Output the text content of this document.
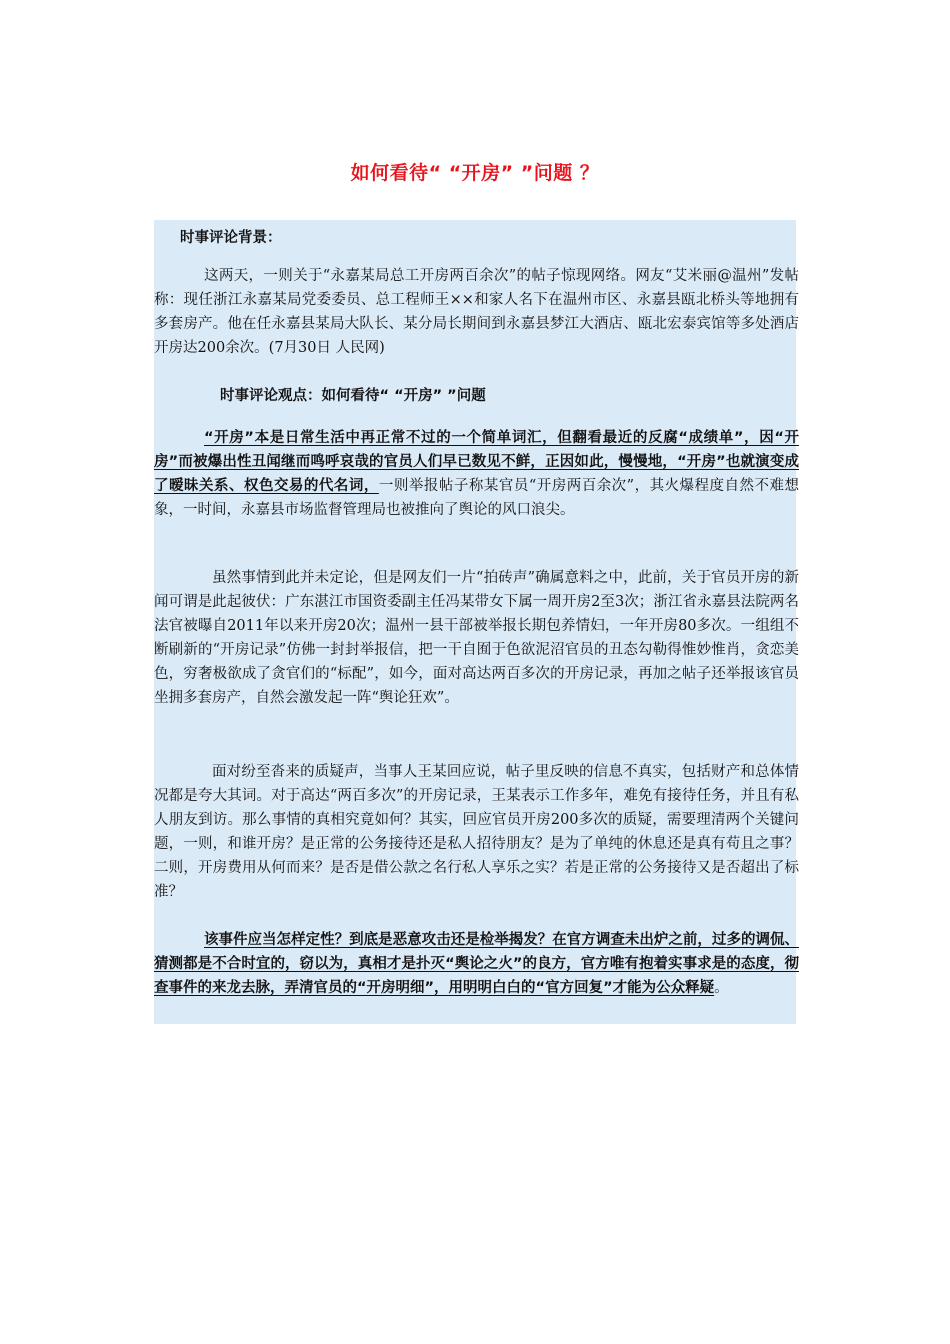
如何看待“ “开房” ”问题 ？
时事评论背景：

这两天，一则关于“永嘉某局总工开房两百余次”的帖子惊现网络。网友“艾米丽@温州”发帖称：现任浙江永嘉某局党委委员、总工程师王××和家人名下在温州市区、永嘉县瓯北桥头等地拥有多套房产。他在任永嘉县某局大队长、某分局长期间到永嘉县梦江大酒店、瓯北宏泰宾馆等多处酒店开房达200余次。(7月30日 人民网)

时事评论观点：如何看待“ “开房” ”问题

“开房”本是日常生活中再正常不过的一个简单词汇，但翻看最近的反腐“成绩单”，因“开房”而被爆出性丑闻继而鸣呼哀哉的官员人们早已数见不鲜，正因如此，慢慢地，“开房”也就演变成了暧昧关系、权色交易的代名词，一则举报帖子称某官员“开房两百余次”，其火爆程度自然不难想象，一时间，永嘉县市场监督管理局也被推向了舆论的风口浪尖。

虽然事情到此并未定论，但是网友们一片“拍砖声”确属意料之中，此前，关于官员开房的新闻可谓是此起彼伏：广东湛江市国资委副主任冯某带女下属一周开房2至3次；浙江省永嘉县法院两名法官被曝自2011年以来开房20次；温州一县干部被举报长期包养情妇，一年开房80多次。一组组不断刷新的“开房记录”仿佛一封封举报信，把一干自囿于色欲泥沼官员的丑态勾勒得惟妙惟肖，贪恋美色，穷奢极欲成了贪官们的“标配”，如今，面对高达两百多次的开房记录，再加之帖子还举报该官员坐拥多套房产，自然会激发起一阵“舆论狂欢”。

面对纷至沓来的质疑声，当事人王某回应说，帖子里反映的信息不真实，包括财产和总体情况都是夸大其词。对于高达“两百多次”的开房记录，王某表示工作多年，难免有接待任务，并且有私人朋友到访。那么事情的真相究竟如何？其实，回应官员开房200多次的质疑，需要理清两个关键问题，一则，和谁开房？是正常的公务接待还是私人招待朋友？是为了单纯的休息还是真有苟且之事？二则，开房费用从何而来？是否是借公款之名行私人享乐之实？若是正常的公务接待又是否超出了标准？

该事件应当怎样定性？到底是恶意攻击还是检举揭发？在官方调查未出炉之前，过多的调侃、猜测都是不合时宜的，窃以为，真相才是扑灭“舆论之火”的良方，官方唯有抱着实事求是的态度，彻查事件的来龙去脉，弄清官员的“开房明细”，用明明白白的“官方回复”才能为公众释疑。
